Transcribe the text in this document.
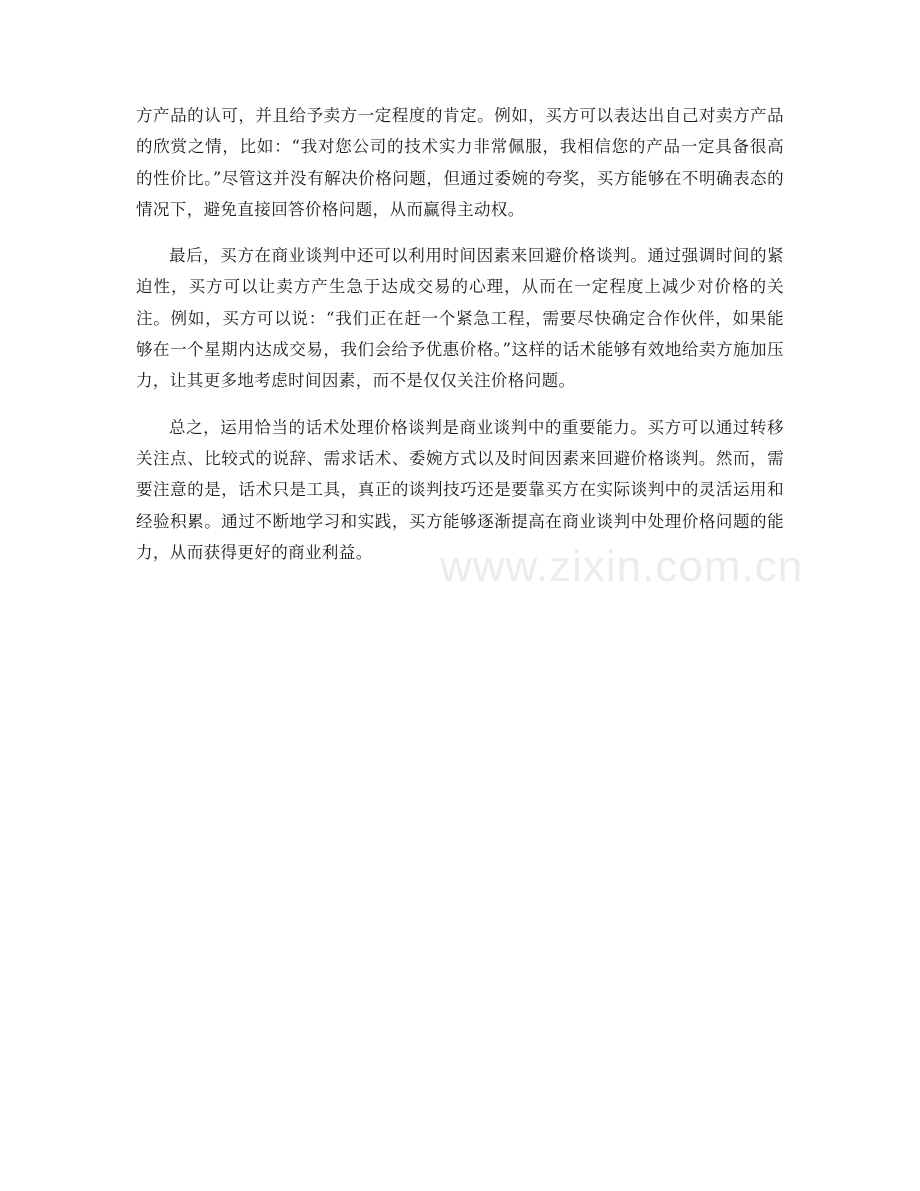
方产品的认可，并且给予卖方一定程度的肯定。例如，买方可以表达出自己对卖方产品的欣赏之情，比如：“我对您公司的技术实力非常佩服，我相信您的产品一定具备很高的性价比。”尽管这并没有解决价格问题，但通过委婉的夸奖，买方能够在不明确表态的情况下，避免直接回答价格问题，从而赢得主动权。

最后，买方在商业谈判中还可以利用时间因素来回避价格谈判。通过强调时间的紧迫性，买方可以让卖方产生急于达成交易的心理，从而在一定程度上减少对价格的关注。例如，买方可以说：“我们正在赶一个紧急工程，需要尽快确定合作伙伴，如果能够在一个星期内达成交易，我们会给予优惠价格。”这样的话术能够有效地给卖方施加压力，让其更多地考虑时间因素，而不是仅仅关注价格问题。

总之，运用恰当的话术处理价格谈判是商业谈判中的重要能力。买方可以通过转移关注点、比较式的说辞、需求话术、委婉方式以及时间因素来回避价格谈判。然而，需要注意的是，话术只是工具，真正的谈判技巧还是要靠买方在实际谈判中的灵活运用和经验积累。通过不断地学习和实践，买方能够逐渐提高在商业谈判中处理价格问题的能力，从而获得更好的商业利益。	www.zixin.com.cn
